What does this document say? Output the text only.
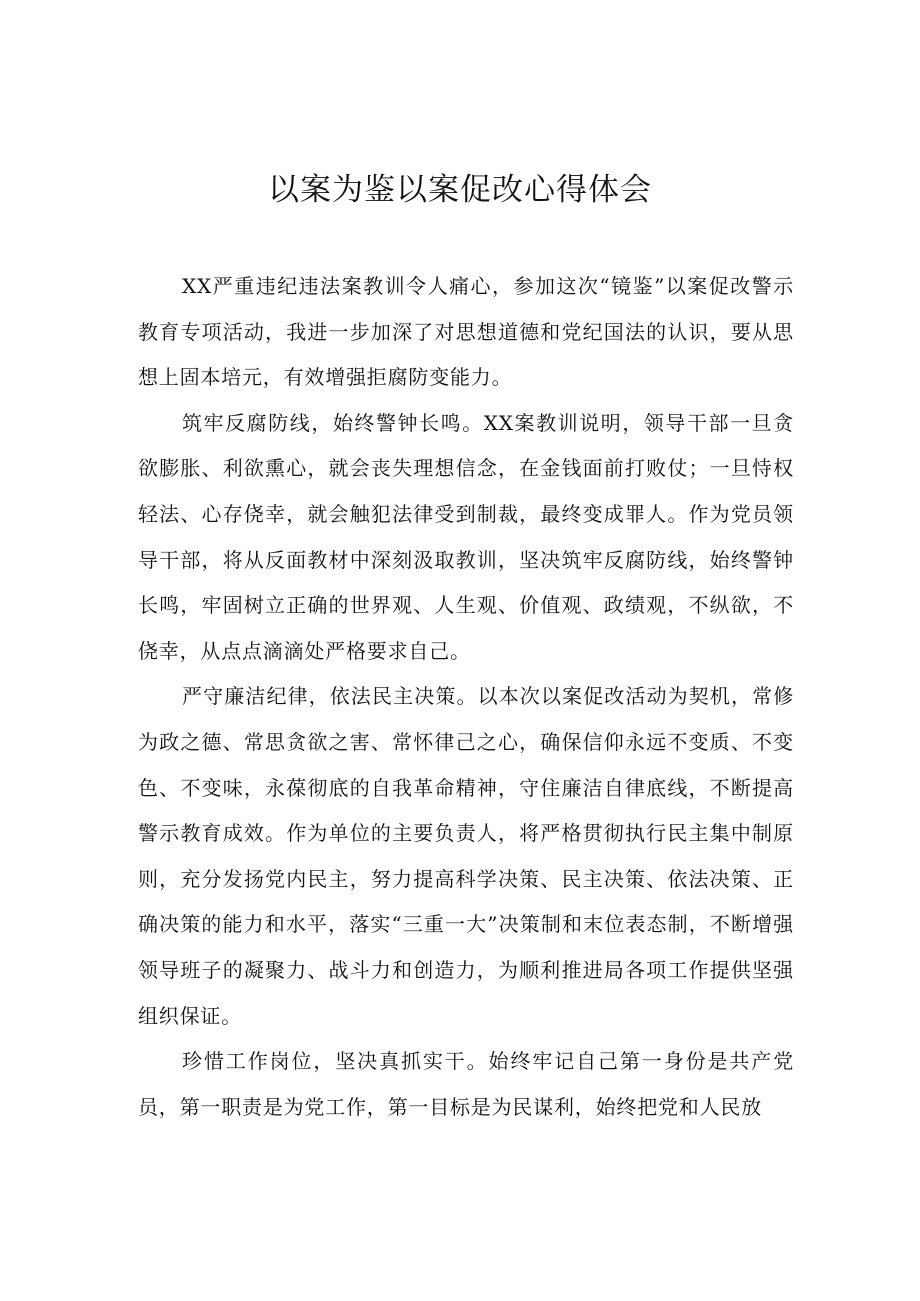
以案为鉴以案促改心得体会

XX严重违纪违法案教训令人痛心，参加这次“镜鉴”以案促改警示教育专项活动，我进一步加深了对思想道德和党纪国法的认识，要从思想上固本培元，有效增强拒腐防变能力。

筑牢反腐防线，始终警钟长鸣。XX案教训说明，领导干部一旦贪欲膨胀、利欲熏心，就会丧失理想信念，在金钱面前打败仗；一旦恃权轻法、心存侥幸，就会触犯法律受到制裁，最终变成罪人。作为党员领导干部，将从反面教材中深刻汲取教训，坚决筑牢反腐防线，始终警钟长鸣，牢固树立正确的世界观、人生观、价值观、政绩观，不纵欲，不侥幸，从点点滴滴处严格要求自己。

严守廉洁纪律，依法民主决策。以本次以案促改活动为契机，常修为政之德、常思贪欲之害、常怀律己之心，确保信仰永远不变质、不变色、不变味，永葆彻底的自我革命精神，守住廉洁自律底线，不断提高警示教育成效。作为单位的主要负责人，将严格贯彻执行民主集中制原则，充分发扬党内民主，努力提高科学决策、民主决策、依法决策、正确决策的能力和水平，落实“三重一大”决策制和末位表态制，不断增强领导班子的凝聚力、战斗力和创造力，为顺利推进局各项工作提供坚强组织保证。

珍惜工作岗位，坚决真抓实干。始终牢记自己第一身份是共产党员，第一职责是为党工作，第一目标是为民谋利，始终把党和人民放
